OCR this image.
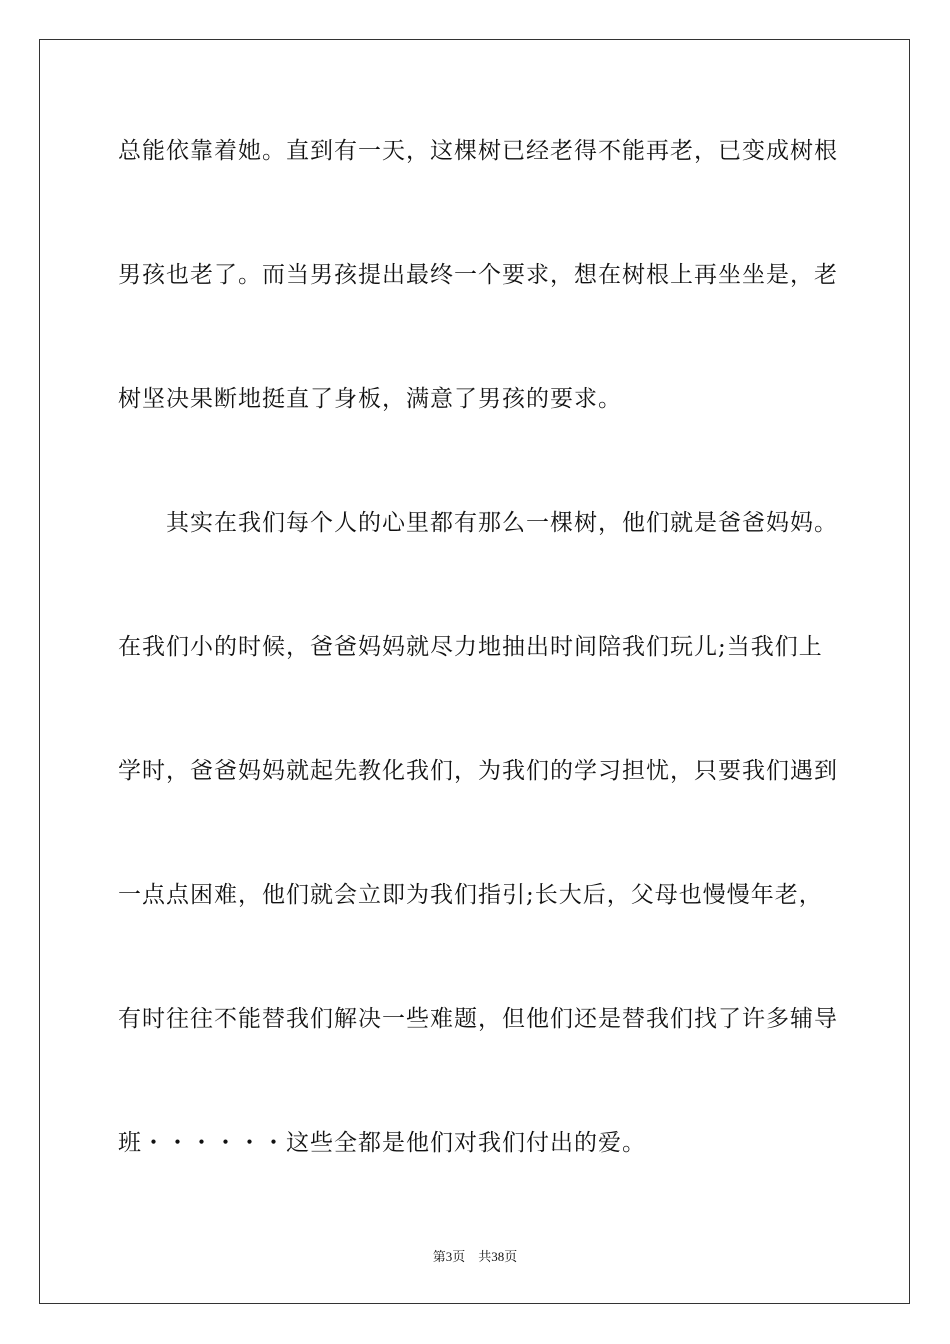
总能依靠着她。直到有一天，这棵树已经老得不能再老，已变成树根
男孩也老了。而当男孩提出最终一个要求，想在树根上再坐坐是，老
树坚决果断地挺直了身板，满意了男孩的要求。
　　其实在我们每个人的心里都有那么一棵树，他们就是爸爸妈妈。
在我们小的时候，爸爸妈妈就尽力地抽出时间陪我们玩儿;当我们上
学时，爸爸妈妈就起先教化我们，为我们的学习担忧，只要我们遇到
一点点困难，他们就会立即为我们指引;长大后，父母也慢慢年老，
有时往往不能替我们解决一些难题，但他们还是替我们找了许多辅导
班・・・・・・这些全都是他们对我们付出的爱。
第3页　共38页
